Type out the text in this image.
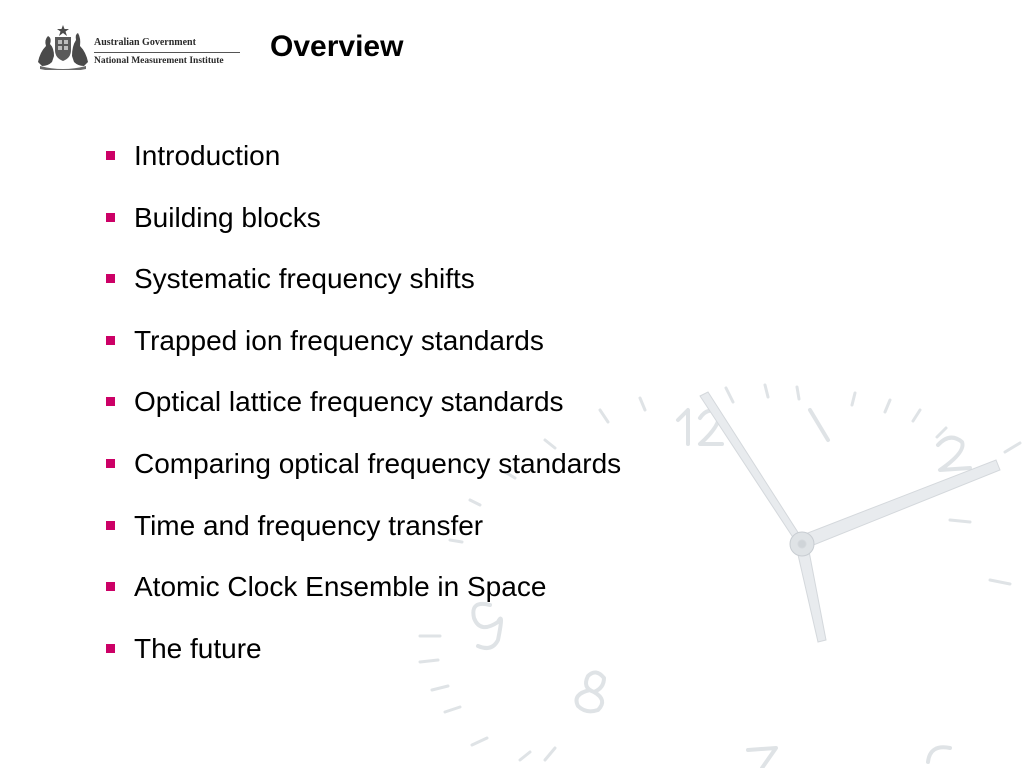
Australian Government
National Measurement Institute	Overview
Introduction
Building blocks
Systematic frequency shifts
Trapped ion frequency standards
Optical lattice frequency standards
Comparing optical frequency standards
Time and frequency transfer
Atomic Clock Ensemble in Space
The future
